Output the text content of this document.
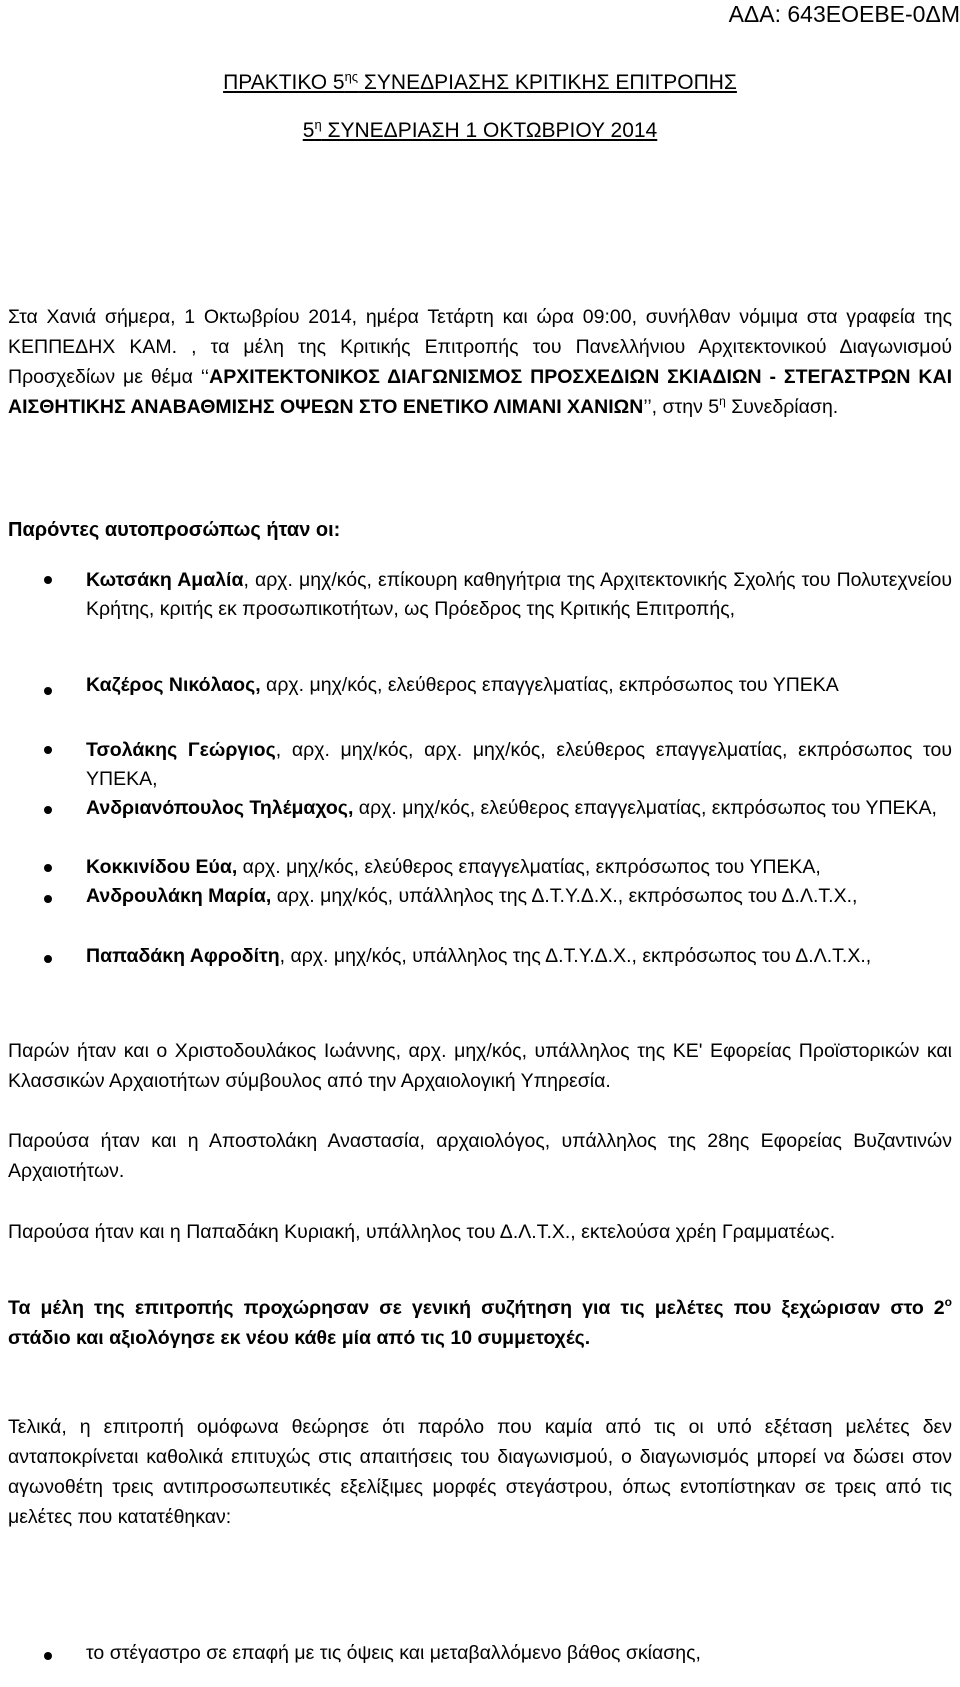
ΑΔΑ: 643ΕΟΕΒΕ-0ΔΜ
ΠΡΑΚΤΙΚΟ $5^{\eta\varsigma}$ ΣΥΝΕΔΡΙΑΣΗΣ ΚΡΙΤΙΚΗΣ ΕΠΙΤΡΟΠΗΣ
$5^\eta$ ΣΥΝΕΔΡΙΑΣΗ 1 ΟΚΤΩΒΡΙΟΥ 2014
Στα Χανιά σήμερα, 1 Οκτωβρίου 2014, ημέρα Τετάρτη και ώρα 09:00, συνήλθαν νόμιμα στα γραφεία της ΚΕΠΠΕΔΗΧ ΚΑΜ. , τα μέλη της Κριτικής Επιτροπής του Πανελλήνιου Αρχιτεκτονικού Διαγωνισμού Προσχεδίων με θέμα ‘‘ΑΡΧΙΤΕΚΤΟΝΙΚΟΣ ΔΙΑΓΩΝΙΣΜΟΣ ΠΡΟΣΧΕΔΙΩΝ ΣΚΙΑΔΙΩΝ - ΣΤΕΓΑΣΤΡΩΝ ΚΑΙ ΑΙΣΘΗΤΙΚΗΣ ΑΝΑΒΑΘΜΙΣΗΣ ΟΨΕΩΝ ΣΤΟ ΕΝΕΤΙΚΟ ΛΙΜΑΝΙ ΧΑΝΙΩΝ’’, στην $5^\eta$ Συνεδρίαση.
Παρόντες αυτοπροσώπως ήταν οι:
Κωτσάκη Αμαλία, αρχ. μηχ/κός, επίκουρη καθηγήτρια της Αρχιτεκτονικής Σχολής του Πολυτεχνείου Κρήτης, κριτής εκ προσωπικοτήτων, ως Πρόεδρος της Κριτικής Επιτροπής,
Καζέρος Νικόλαος, αρχ. μηχ/κός, ελεύθερος επαγγελματίας, εκπρόσωπος του ΥΠΕΚΑ
Τσολάκης Γεώργιος, αρχ. μηχ/κός, αρχ. μηχ/κός, ελεύθερος επαγγελματίας, εκπρόσωπος του ΥΠΕΚΑ,
Ανδριανόπουλος Τηλέμαχος, αρχ. μηχ/κός, ελεύθερος επαγγελματίας, εκπρόσωπος του ΥΠΕΚΑ,
Κοκκινίδου Εύα, αρχ. μηχ/κός, ελεύθερος επαγγελματίας, εκπρόσωπος του ΥΠΕΚΑ,
Ανδρουλάκη Μαρία, αρχ. μηχ/κός, υπάλληλος της Δ.Τ.Υ.Δ.Χ., εκπρόσωπος του Δ.Λ.Τ.Χ.,
Παπαδάκη Αφροδίτη, αρχ. μηχ/κός, υπάλληλος της Δ.Τ.Υ.Δ.Χ., εκπρόσωπος του Δ.Λ.Τ.Χ.,
Παρών ήταν και ο Χριστοδουλάκος Ιωάννης, αρχ. μηχ/κός, υπάλληλος της ΚΕ' Εφορείας Προϊστορικών και Κλασσικών Αρχαιοτήτων σύμβουλος από την Αρχαιολογική Υπηρεσία.
Παρούσα ήταν και η Αποστολάκη Αναστασία, αρχαιολόγος, υπάλληλος της 28ης Εφορείας Βυζαντινών Αρχαιοτήτων.
Παρούσα ήταν και η Παπαδάκη Κυριακή, υπάλληλος του Δ.Λ.Τ.Χ., εκτελούσα χρέη Γραμματέως.
Τα μέλη της επιτροπής προχώρησαν σε γενική συζήτηση για τις μελέτες που ξεχώρισαν στο $2^o$ στάδιο και αξιολόγησε εκ νέου κάθε μία από τις 10 συμμετοχές.
Τελικά, η επιτροπή ομόφωνα θεώρησε ότι παρόλο που καμία από τις οι υπό εξέταση μελέτες δεν ανταποκρίνεται καθολικά επιτυχώς στις απαιτήσεις του διαγωνισμού, ο διαγωνισμός μπορεί να δώσει στον αγωνοθέτη τρεις αντιπροσωπευτικές εξελίξιμες μορφές στεγάστρου, όπως εντοπίστηκαν σε τρεις από τις μελέτες που κατατέθηκαν:
το στέγαστρο σε επαφή με τις όψεις και μεταβαλλόμενο βάθος σκίασης,
